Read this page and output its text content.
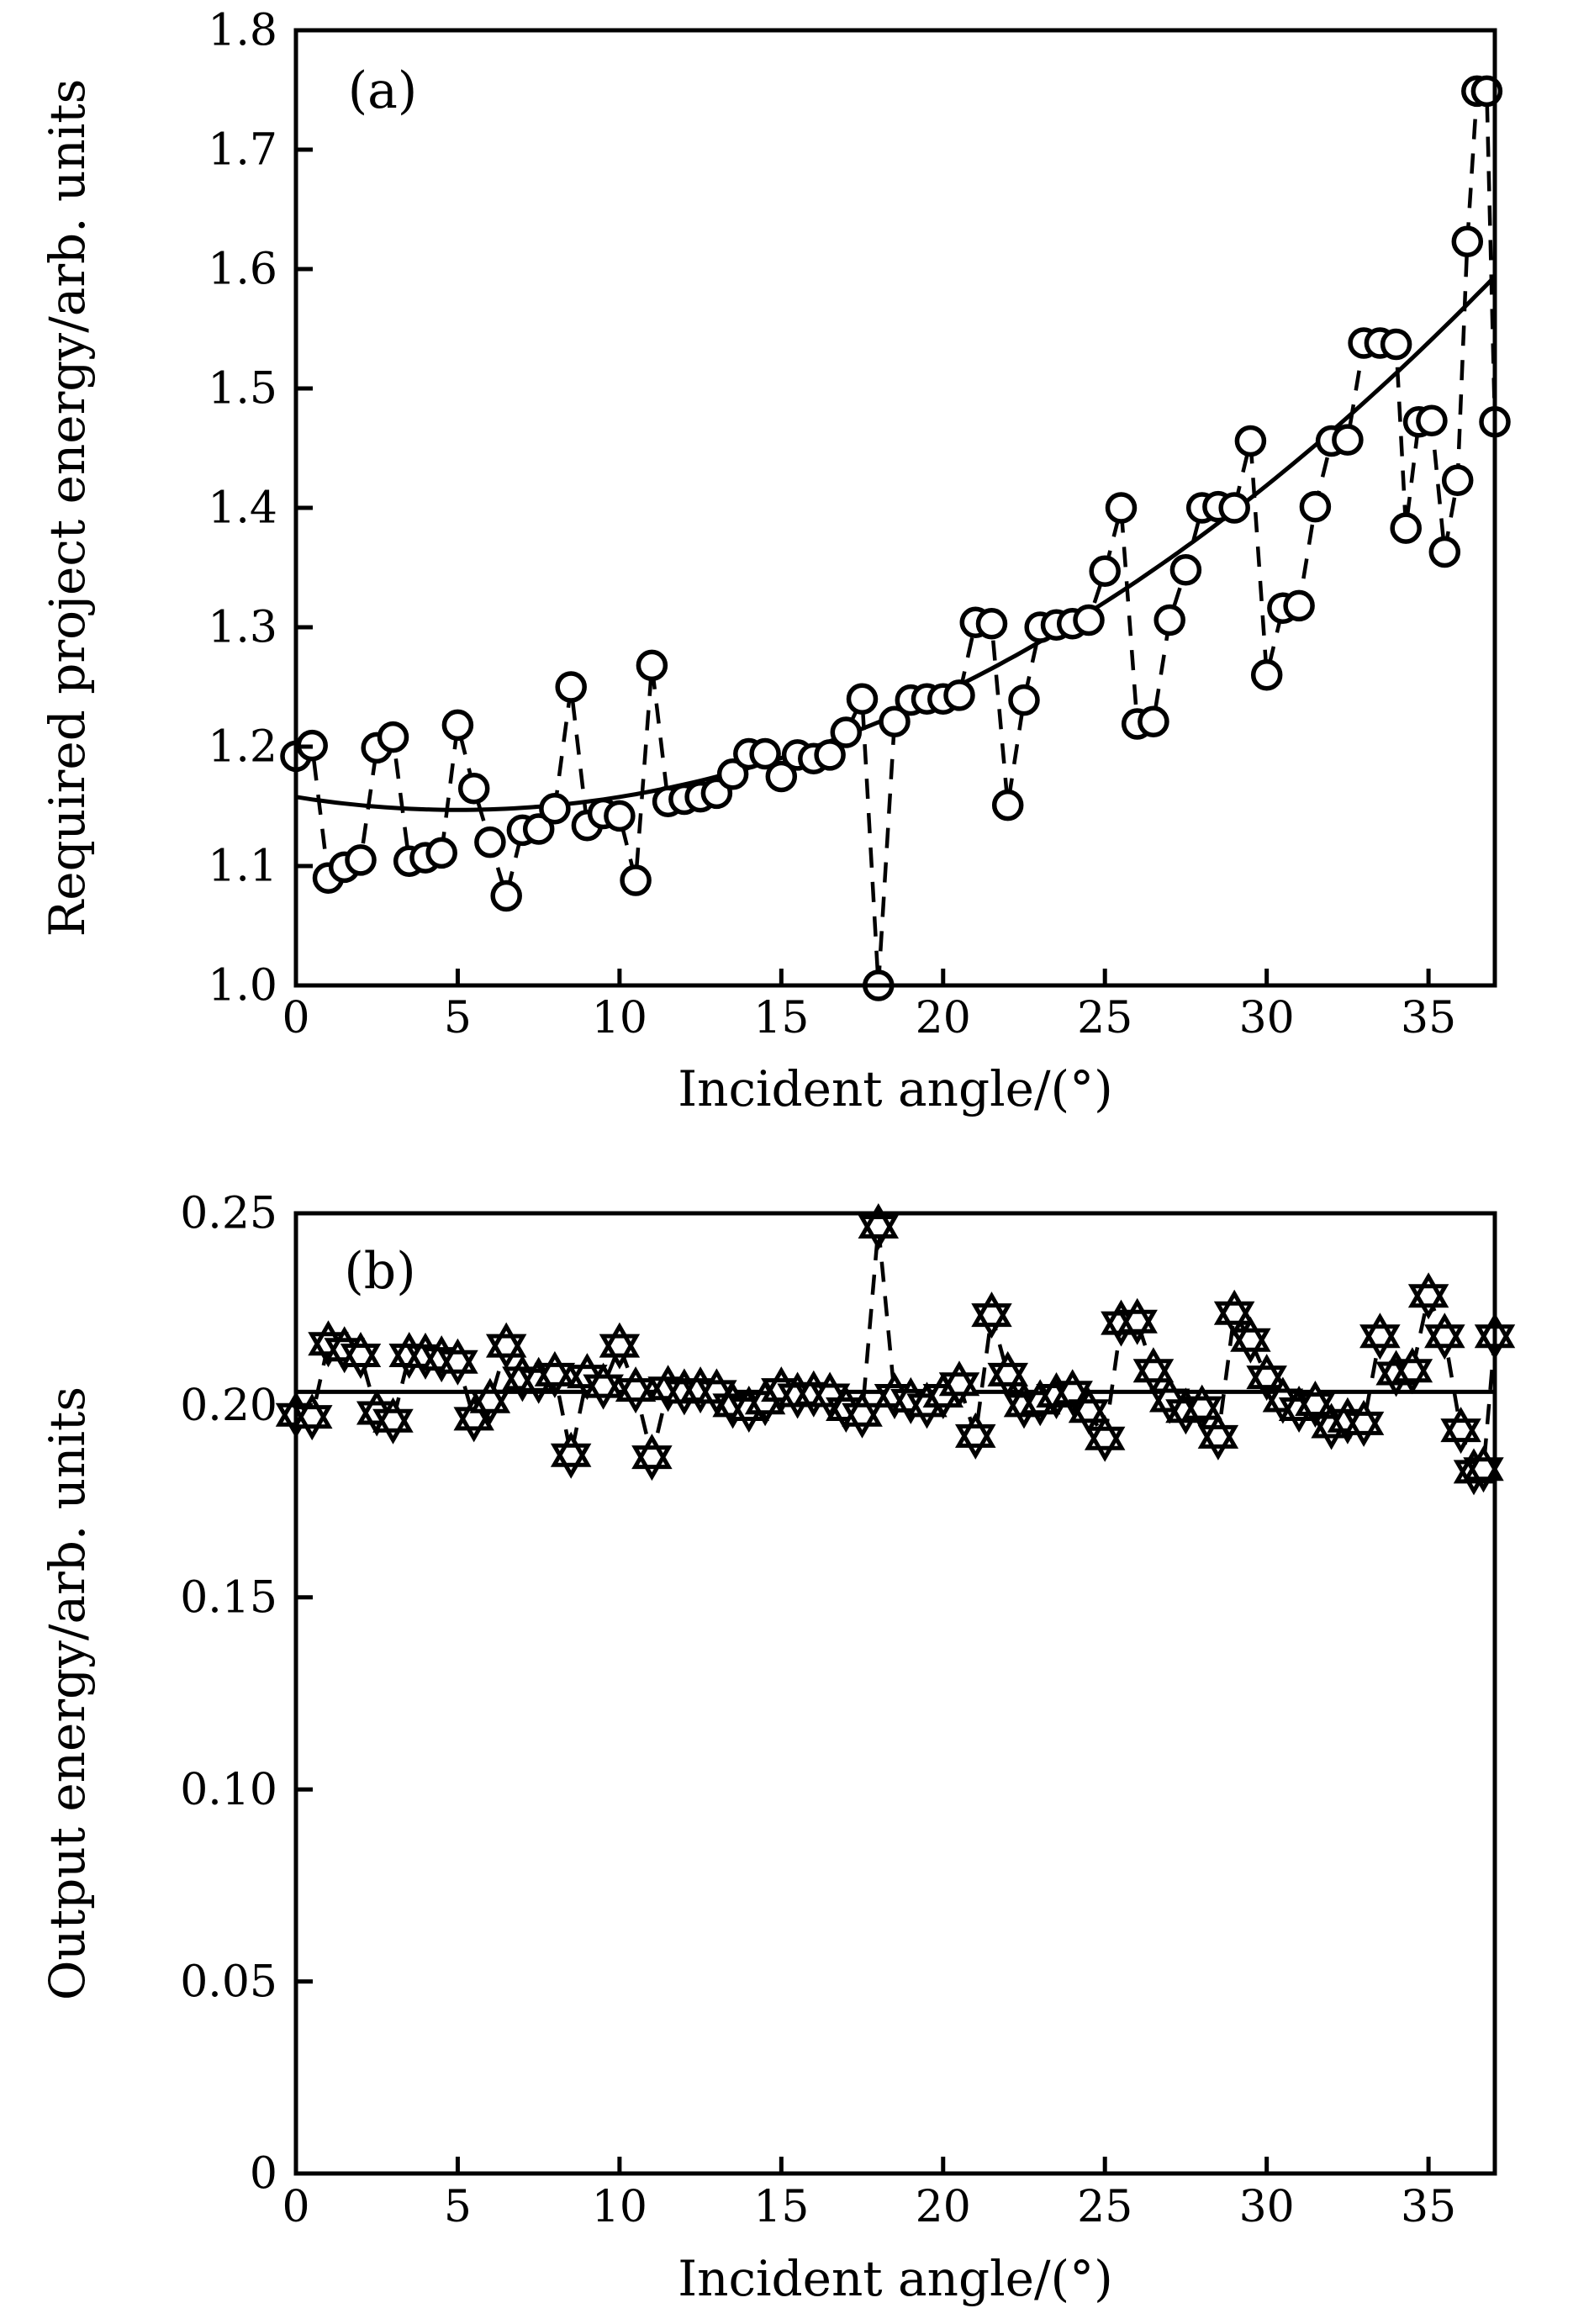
0	5	10 15 20 25 30 35
1.0
1.1
1.2
1.3
1.4
1.5
1.6
1.7
1.8
Incident angle/(°)
Required project energy/arb. units	(a)
0	5	10 15 20 25 30 35
0
0.05
0.10
0.15
0.20
0.25
Incident angle/(°)
Output energy/arb. units
(b)
